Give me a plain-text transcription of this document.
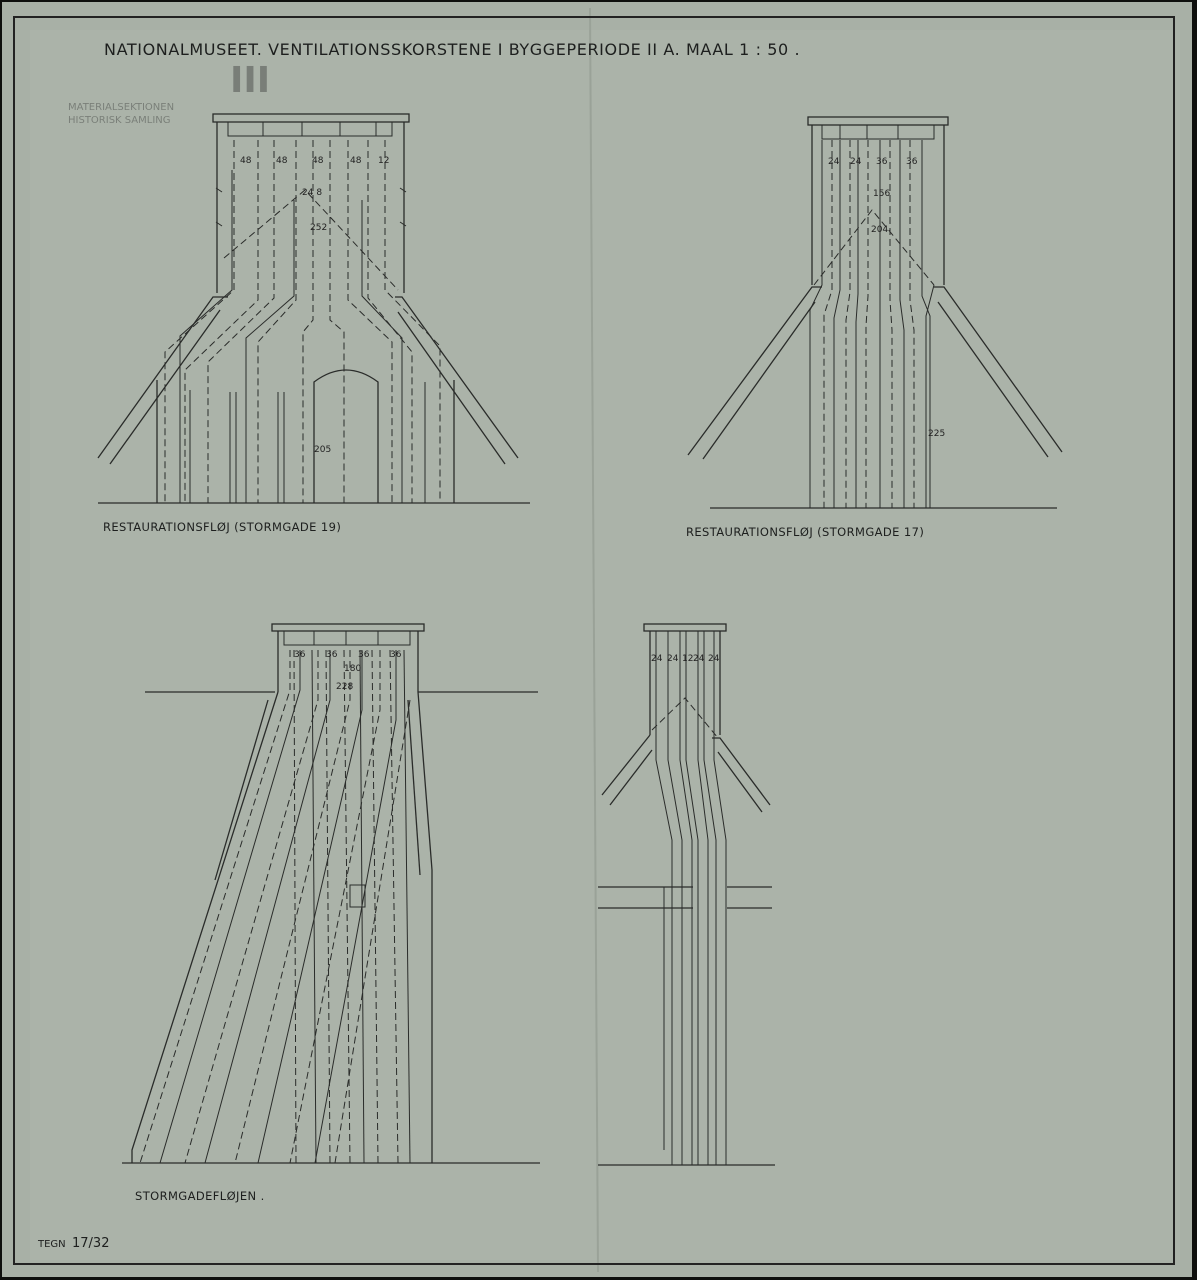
III
MATERIALSEKTIONEN
HISTORISK SAMLING
NATIONALMUSEET. VENTILATIONSSKORSTENE I BYGGEPERIODE II A. MAAL 1 : 50 .
48	48	48	48 12
24 8
252
205
RESTAURATIONSFLØJ (STORMGADE 19)
24 24 36 36
156
204
225
RESTAURATIONSFLØJ (STORMGADE 17)
36 36 36 36
180
228
STORMGADEFLØJEN .
24 24 12 24 24
TEGN 17/32
